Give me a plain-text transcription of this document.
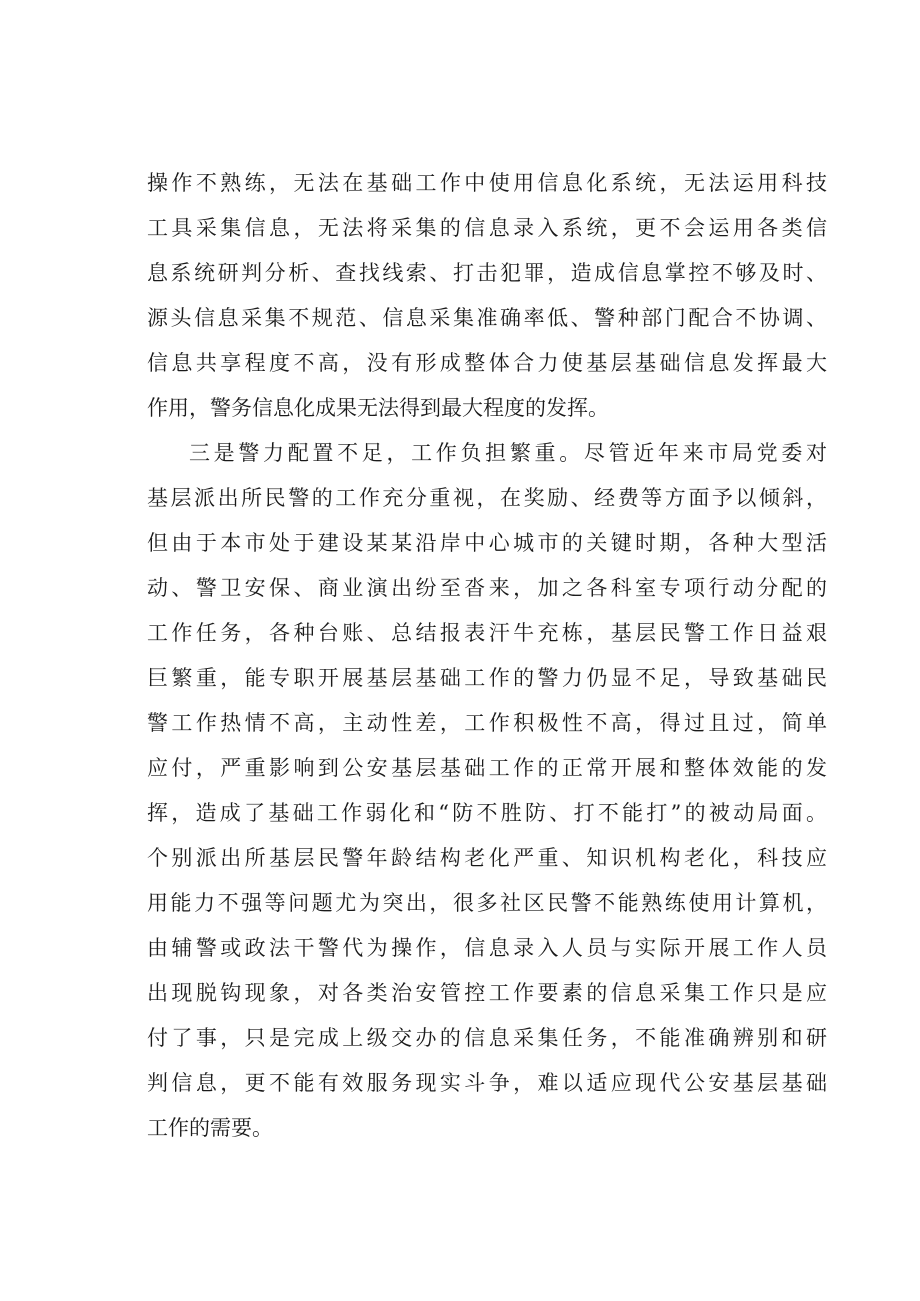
操作不熟练，无法在基础工作中使用信息化系统，无法运用科技
工具采集信息，无法将采集的信息录入系统，更不会运用各类信
息系统研判分析、查找线索、打击犯罪，造成信息掌控不够及时、
源头信息采集不规范、信息采集准确率低、警种部门配合不协调、
信息共享程度不高，没有形成整体合力使基层基础信息发挥最大
作用，警务信息化成果无法得到最大程度的发挥。
三是警力配置不足，工作负担繁重。尽管近年来市局党委对
基层派出所民警的工作充分重视，在奖励、经费等方面予以倾斜，
但由于本市处于建设某某沿岸中心城市的关键时期，各种大型活
动、警卫安保、商业演出纷至沓来，加之各科室专项行动分配的
工作任务，各种台账、总结报表汗牛充栋，基层民警工作日益艰
巨繁重，能专职开展基层基础工作的警力仍显不足，导致基础民
警工作热情不高，主动性差，工作积极性不高，得过且过，简单
应付，严重影响到公安基层基础工作的正常开展和整体效能的发
挥，造成了基础工作弱化和“防不胜防、打不能打”的被动局面。
个别派出所基层民警年龄结构老化严重、知识机构老化，科技应
用能力不强等问题尤为突出，很多社区民警不能熟练使用计算机，
由辅警或政法干警代为操作，信息录入人员与实际开展工作人员
出现脱钩现象，对各类治安管控工作要素的信息采集工作只是应
付了事，只是完成上级交办的信息采集任务，不能准确辨别和研
判信息，更不能有效服务现实斗争，难以适应现代公安基层基础
工作的需要。
